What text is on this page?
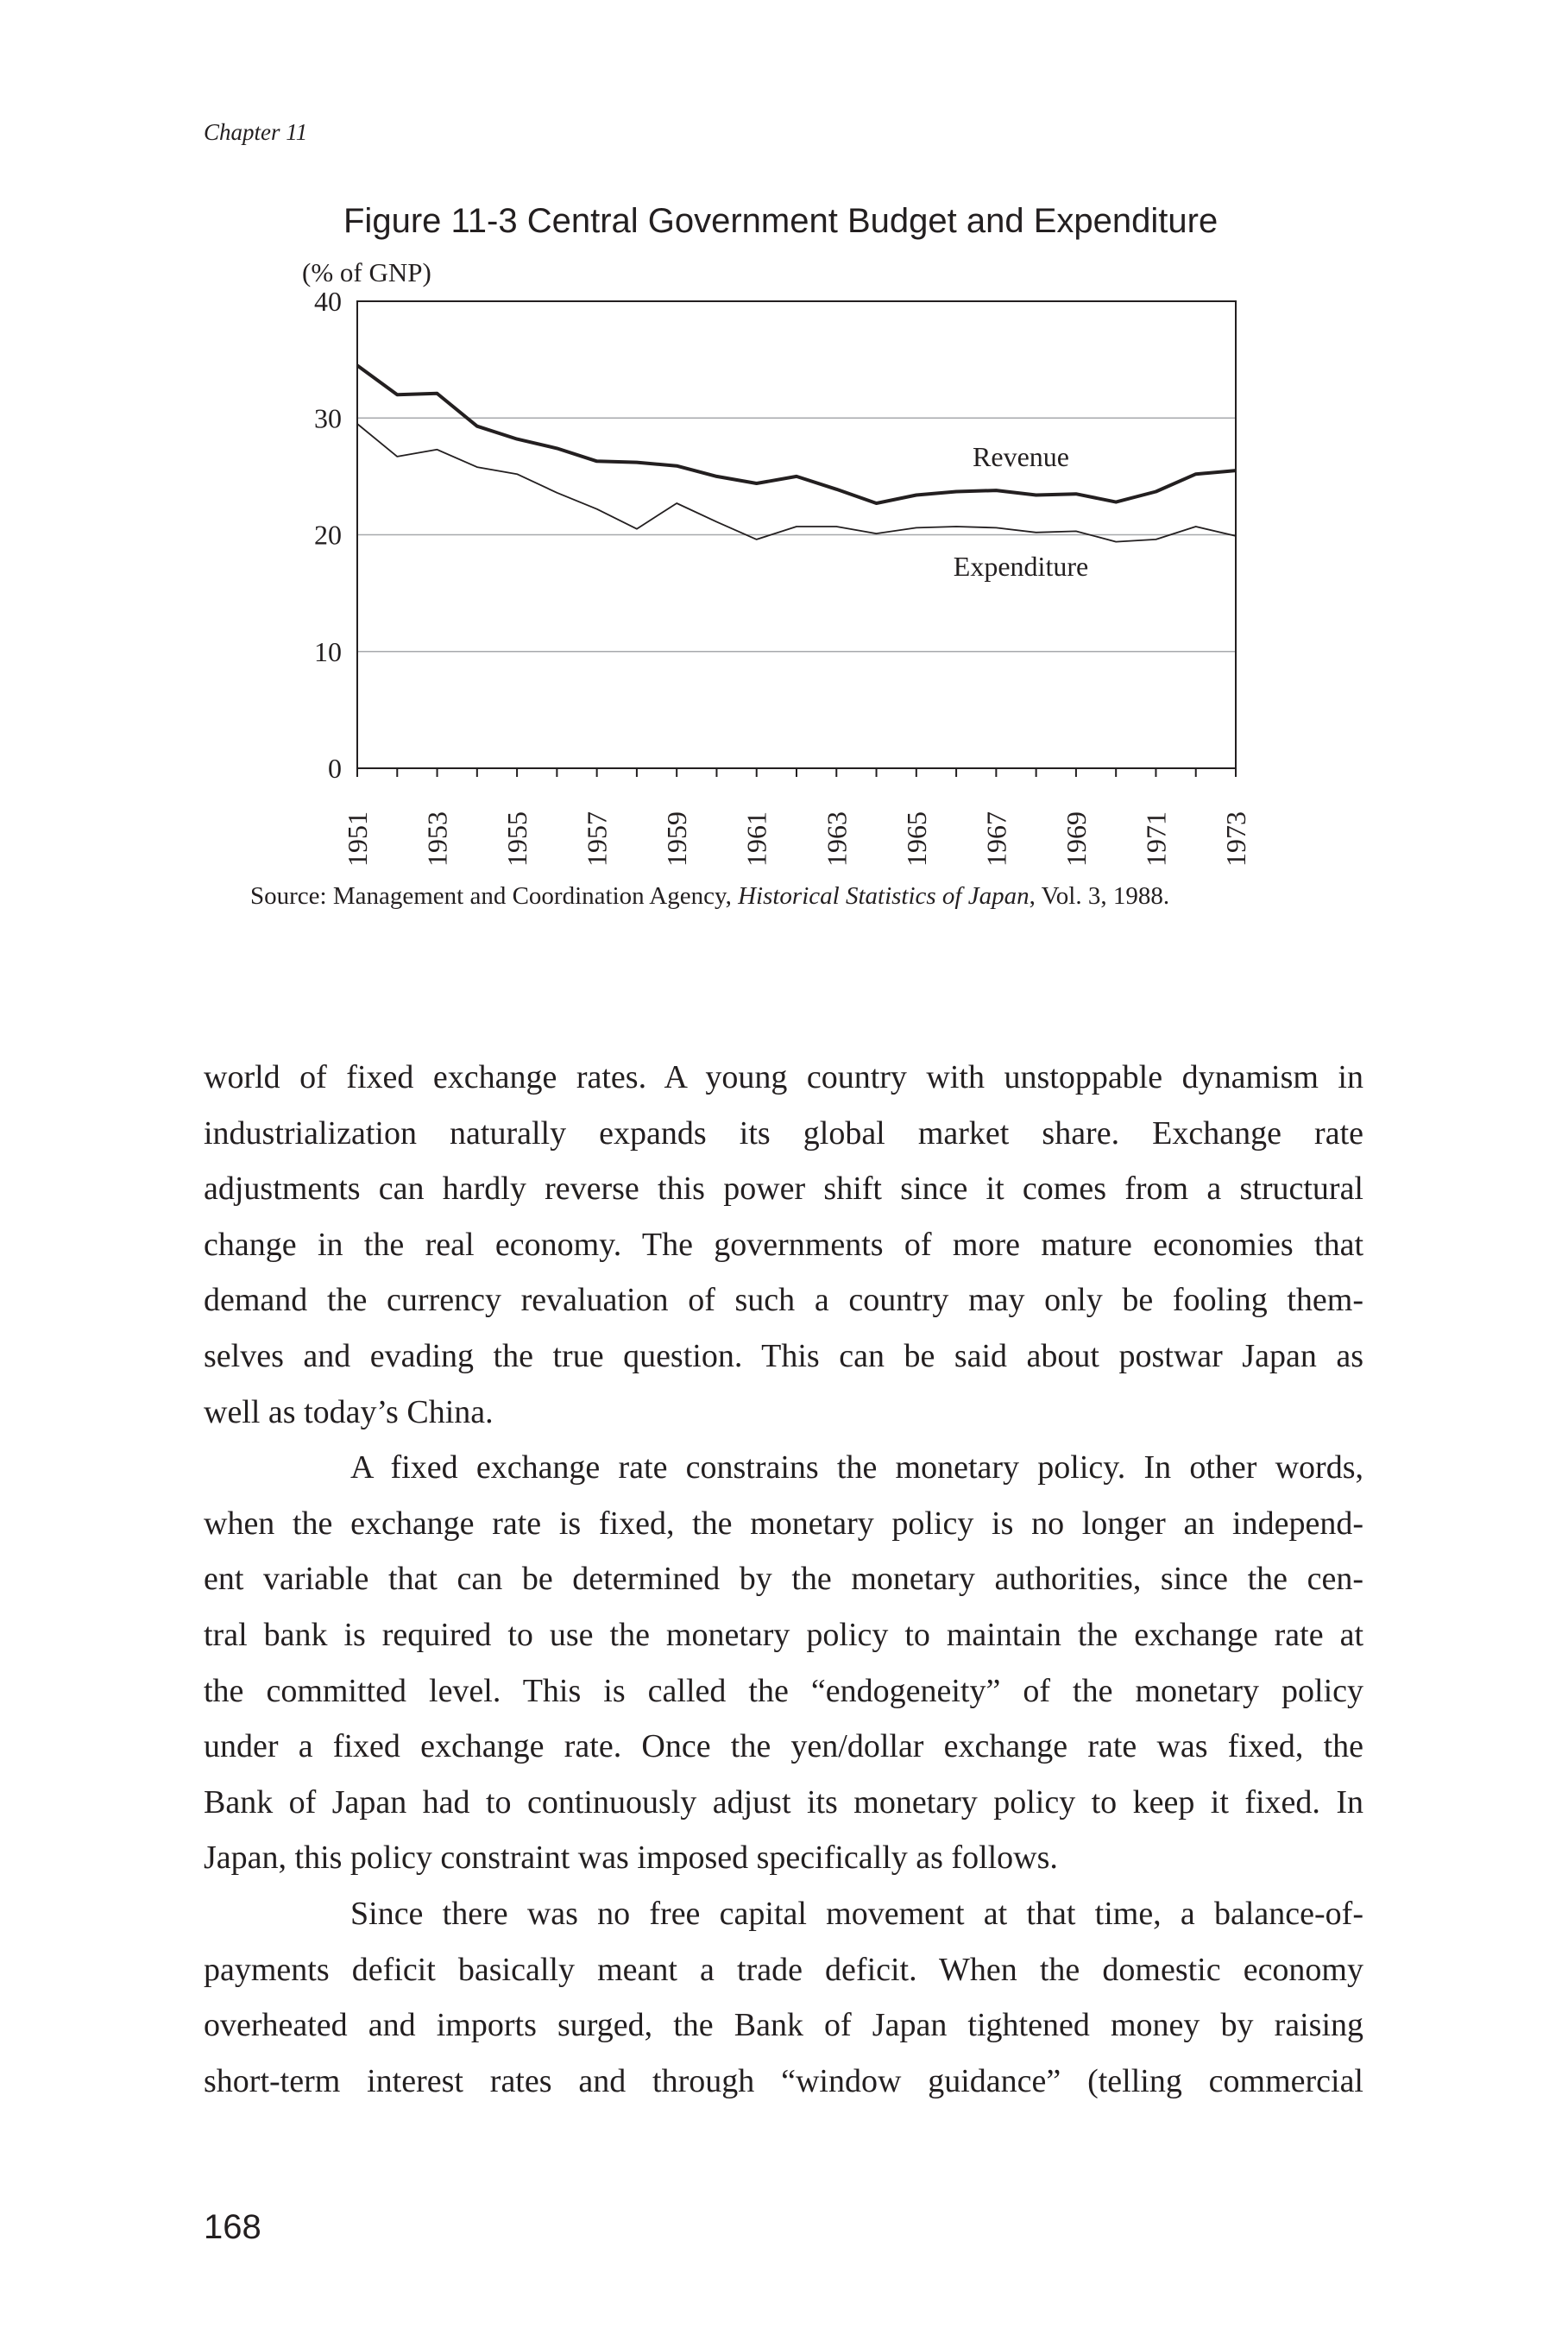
Chapter 11
Figure 11-3 Central Government Budget and Expenditure
(% of GNP)
0
10
20
30
40
1951 1953 1955 1957 1959 1961 1963 1965 1967 1969 1971 1973
Revenue
Expenditure
Source: Management and Coordination Agency, Historical Statistics of Japan, Vol. 3, 1988.

world of fixed exchange rates. A young country with unstoppable dynamism in

industrialization naturally expands its global market share. Exchange rate

adjustments can hardly reverse this power shift since it comes from a structural

change in the real economy. The governments of more mature economies that

demand the currency revaluation of such a country may only be fooling them-

selves and evading the true question. This can be said about postwar Japan as

well as today’s China.

A fixed exchange rate constrains the monetary policy. In other words,

when the exchange rate is fixed, the monetary policy is no longer an independ-

ent variable that can be determined by the monetary authorities, since the cen-

tral bank is required to use the monetary policy to maintain the exchange rate at

the committed level. This is called the “endogeneity” of the monetary policy

under a fixed exchange rate. Once the yen/dollar exchange rate was fixed, the

Bank of Japan had to continuously adjust its monetary policy to keep it fixed. In

Japan, this policy constraint was imposed specifically as follows.

Since there was no free capital movement at that time, a balance-of-

payments deficit basically meant a trade deficit. When the domestic economy

overheated and imports surged, the Bank of Japan tightened money by raising

short-term interest rates and through “window guidance” (telling commercial

168
